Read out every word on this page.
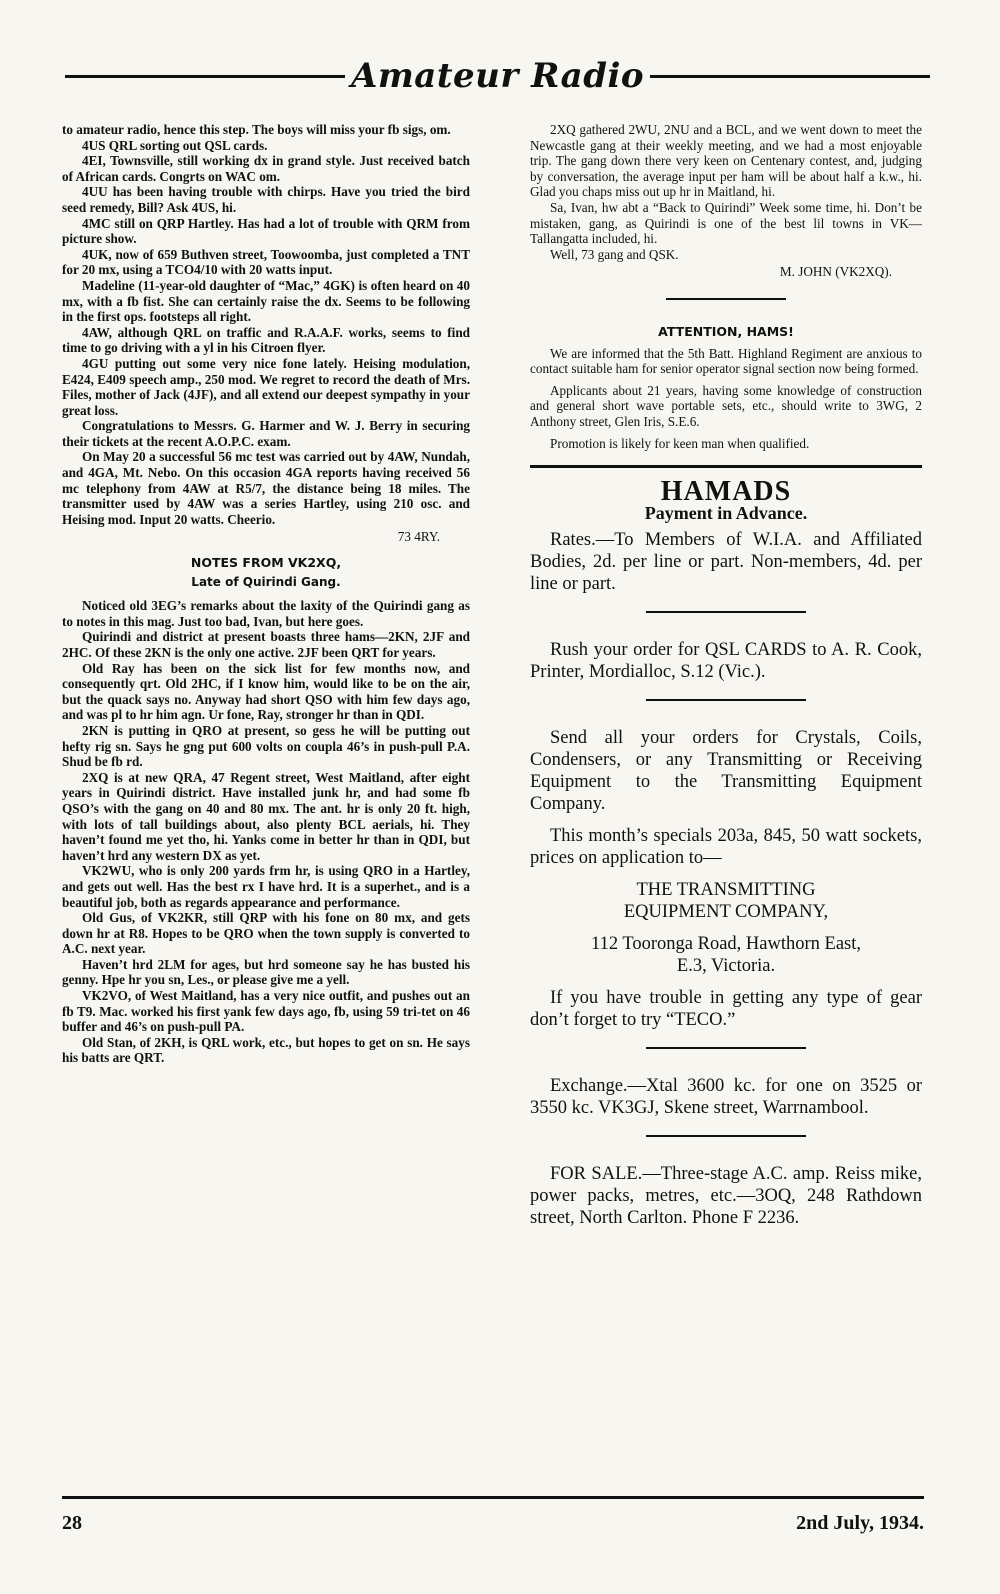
Amateur Radio
to amateur radio, hence this step. The boys will miss your fb sigs, om.
4US QRL sorting out QSL cards.
4EI, Townsville, still working dx in grand style. Just received batch of African cards. Congrts on WAC om.
4UU has been having trouble with chirps. Have you tried the bird seed remedy, Bill? Ask 4US, hi.
4MC still on QRP Hartley. Has had a lot of trouble with QRM from picture show.
4UK, now of 659 Buthven street, Toowoomba, just completed a TNT for 20 mx, using a TCO4/10 with 20 watts input.
Madeline (11-year-old daughter of “Mac,” 4GK) is often heard on 40 mx, with a fb fist. She can certainly raise the dx. Seems to be following in the first ops. footsteps all right.
4AW, although QRL on traffic and R.A.A.F. works, seems to find time to go driving with a yl in his Citroen flyer.
4GU putting out some very nice fone lately. Heising modulation, E424, E409 speech amp., 250 mod. We regret to record the death of Mrs. Files, mother of Jack (4JF), and all extend our deepest sympathy in your great loss.
Congratulations to Messrs. G. Harmer and W. J. Berry in securing their tickets at the recent A.O.P.C. exam.
On May 20 a successful 56 mc test was carried out by 4AW, Nundah, and 4GA, Mt. Nebo. On this occasion 4GA reports having received 56 mc telephony from 4AW at R5/7, the distance being 18 miles. The transmitter used by 4AW was a series Hartley, using 210 osc. and Heising mod. Input 20 watts. Cheerio.
73 4RY.
NOTES FROM VK2XQ,
Late of Quirindi Gang.
Noticed old 3EG’s remarks about the laxity of the Quirindi gang as to notes in this mag. Just too bad, Ivan, but here goes.
Quirindi and district at present boasts three hams—2KN, 2JF and 2HC. Of these 2KN is the only one active. 2JF been QRT for years.
Old Ray has been on the sick list for few months now, and consequently qrt. Old 2HC, if I know him, would like to be on the air, but the quack says no. Anyway had short QSO with him few days ago, and was pl to hr him agn. Ur fone, Ray, stronger hr than in QDI.
2KN is putting in QRO at present, so gess he will be putting out hefty rig sn. Says he gng put 600 volts on coupla 46’s in push-pull P.A. Shud be fb rd.
2XQ is at new QRA, 47 Regent street, West Maitland, after eight years in Quirindi district. Have installed junk hr, and had some fb QSO’s with the gang on 40 and 80 mx. The ant. hr is only 20 ft. high, with lots of tall buildings about, also plenty BCL aerials, hi. They haven’t found me yet tho, hi. Yanks come in better hr than in QDI, but haven’t hrd any western DX as yet.
VK2WU, who is only 200 yards frm hr, is using QRO in a Hartley, and gets out well. Has the best rx I have hrd. It is a superhet., and is a beautiful job, both as regards appearance and performance.
Old Gus, of VK2KR, still QRP with his fone on 80 mx, and gets down hr at R8. Hopes to be QRO when the town supply is converted to A.C. next year.
Haven’t hrd 2LM for ages, but hrd someone say he has busted his genny. Hpe hr you sn, Les., or please give me a yell.
VK2VO, of West Maitland, has a very nice outfit, and pushes out an fb T9. Mac. worked his first yank few days ago, fb, using 59 tri-tet on 46 buffer and 46’s on push-pull PA.
Old Stan, of 2KH, is QRL work, etc., but hopes to get on sn. He says his batts are QRT.
2XQ gathered 2WU, 2NU and a BCL, and we went down to meet the Newcastle gang at their weekly meeting, and we had a most enjoyable trip. The gang down there very keen on Centenary contest, and, judging by conversation, the average input per ham will be about half a k.w., hi. Glad you chaps miss out up hr in Maitland, hi.
Sa, Ivan, hw abt a “Back to Quirindi” Week some time, hi. Don’t be mistaken, gang, as Quirindi is one of the best lil towns in VK—Tallangatta included, hi.
Well, 73 gang and QSK.
M. JOHN (VK2XQ).
ATTENTION, HAMS!
We are informed that the 5th Batt. Highland Regiment are anxious to contact suitable ham for senior operator signal section now being formed.
Applicants about 21 years, having some knowledge of construction and general short wave portable sets, etc., should write to 3WG, 2 Anthony street, Glen Iris, S.E.6.
Promotion is likely for keen man when qualified.
HAMADS
Payment in Advance.
Rates.—To Members of W.I.A. and Affiliated Bodies, 2d. per line or part. Non-members, 4d. per line or part.
Rush your order for QSL CARDS to A. R. Cook, Printer, Mordialloc, S.12 (Vic.).
Send all your orders for Crystals, Coils, Condensers, or any Transmitting or Receiving Equipment to the Transmitting Equipment Company.
This month’s specials 203a, 845, 50 watt sockets, prices on application to—
THE TRANSMITTING
EQUIPMENT COMPANY,
112 Tooronga Road, Hawthorn East,
E.3, Victoria.
If you have trouble in getting any type of gear don’t forget to try “TECO.”
Exchange.—Xtal 3600 kc. for one on 3525 or 3550 kc. VK3GJ, Skene street, Warrnambool.
FOR SALE.—Three-stage A.C. amp. Reiss mike, power packs, metres, etc.—3OQ, 248 Rathdown street, North Carlton. Phone F 2236.
28	2nd July, 1934.
